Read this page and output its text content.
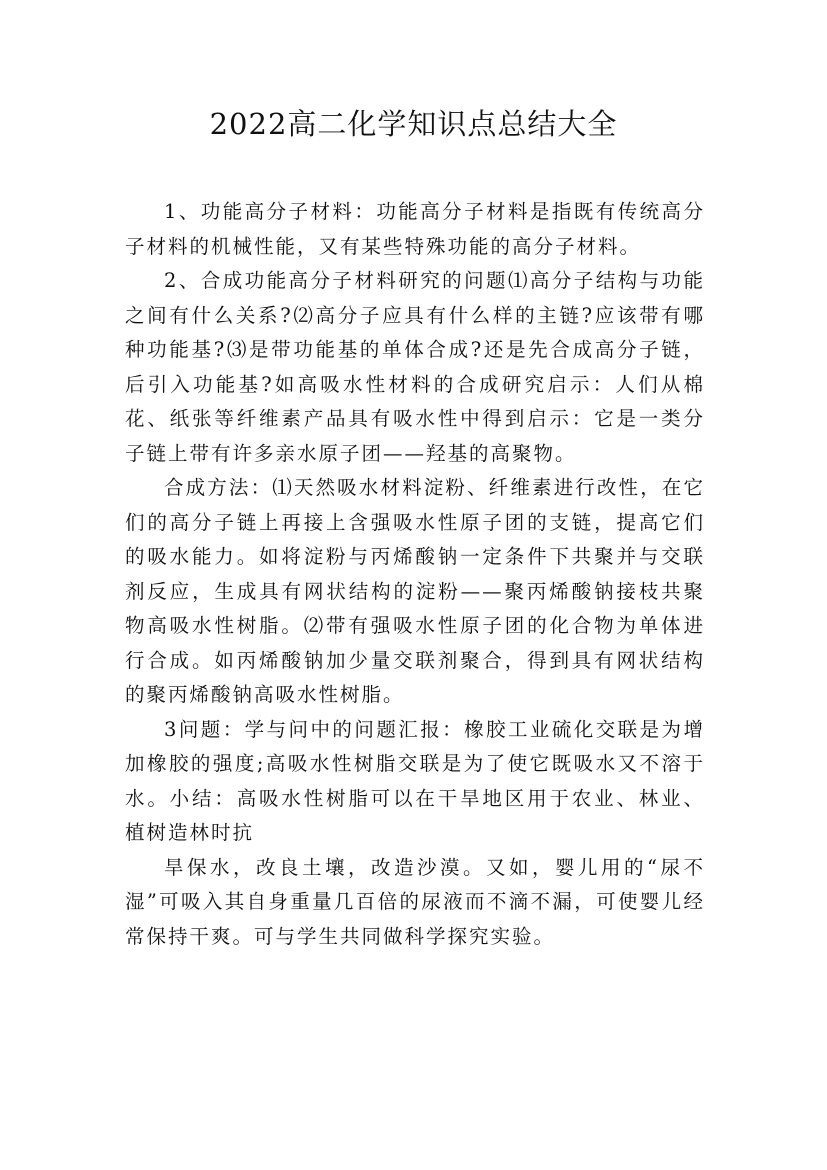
2022高二化学知识点总结大全

1、功能高分子材料：功能高分子材料是指既有传统高分子材料的机械性能，又有某些特殊功能的高分子材料。

2、合成功能高分子材料研究的问题⑴高分子结构与功能之间有什么关系?⑵高分子应具有什么样的主链?应该带有哪种功能基?⑶是带功能基的单体合成?还是先合成高分子链，后引入功能基?如高吸水性材料的合成研究启示：人们从棉花、纸张等纤维素产品具有吸水性中得到启示：它是一类分子链上带有许多亲水原子团——羟基的高聚物。

合成方法：⑴天然吸水材料淀粉、纤维素进行改性，在它们的高分子链上再接上含强吸水性原子团的支链，提高它们的吸水能力。如将淀粉与丙烯酸钠一定条件下共聚并与交联剂反应，生成具有网状结构的淀粉——聚丙烯酸钠接枝共聚物高吸水性树脂。⑵带有强吸水性原子团的化合物为单体进行合成。如丙烯酸钠加少量交联剂聚合，得到具有网状结构的聚丙烯酸钠高吸水性树脂。

3问题：学与问中的问题汇报：橡胶工业硫化交联是为增加橡胶的强度;高吸水性树脂交联是为了使它既吸水又不溶于水。小结：高吸水性树脂可以在干旱地区用于农业、林业、植树造林时抗

旱保水，改良土壤，改造沙漠。又如，婴儿用的“尿不湿”可吸入其自身重量几百倍的尿液而不滴不漏，可使婴儿经常保持干爽。可与学生共同做科学探究实验。
